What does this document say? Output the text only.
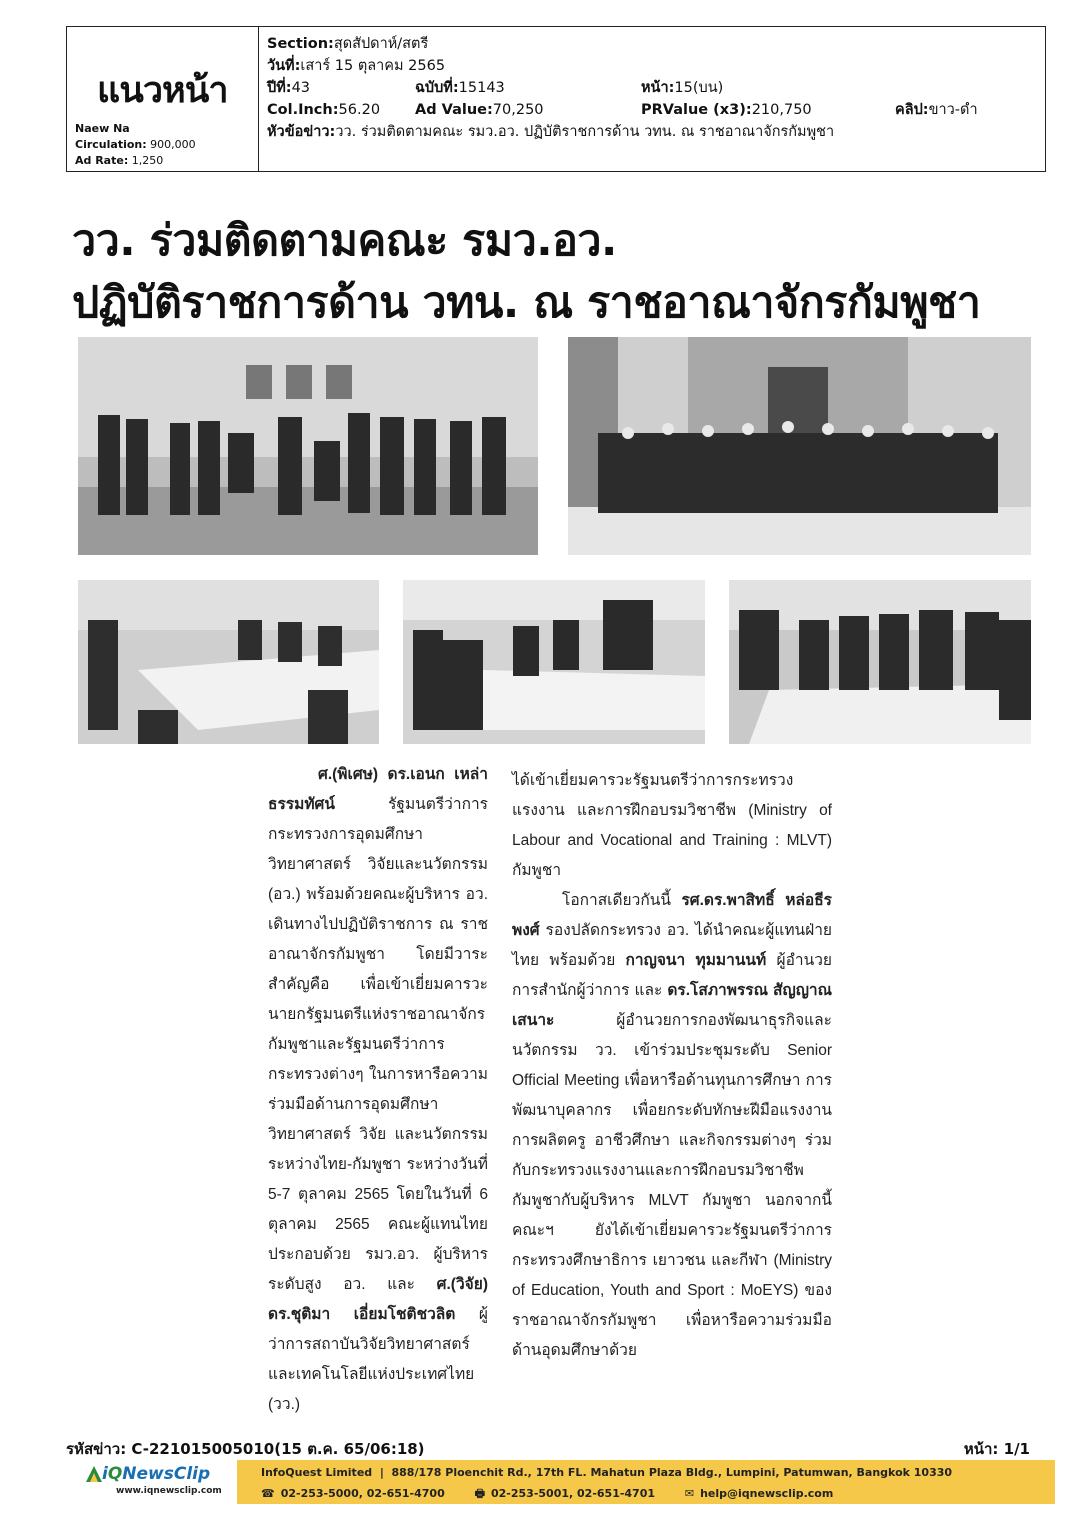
แนวหน้า
Naew Na
Circulation: 900,000
Ad Rate: 1,250
Section: สุดสัปดาห์/สตรี
วันที่: เสาร์ 15 ตุลาคม 2565
ปีที่: 43	ฉบับที่: 15143	หน้า: 15(บน)
Col.Inch: 56.20 Ad Value: 70,250	PRValue (x3): 210,750	คลิป: ขาว-ดำ
หัวข้อข่าว: วว. ร่วมติดตามคณะ รมว.อว. ปฏิบัติราชการด้าน วทน. ณ ราชอาณาจักรกัมพูชา
วว. ร่วมติดตามคณะ รมว.อว.
ปฏิบัติราชการด้าน วทน. ณ ราชอาณาจักรกัมพูชา

ศ.(พิเศษ) ดร.เอนก เหล่าธรรมทัศน์ รัฐมนตรีว่าการ กระทรวงการอุดมศึกษา วิทยาศาสตร์ วิจัยและนวัตกรรม (อว.) พร้อมด้วยคณะผู้บริหาร อว. เดินทางไปปฏิบัติราชการ ณ ราชอาณาจักรกัมพูชา โดยมีวาระสำคัญคือ เพื่อเข้าเยี่ยมคารวะนายกรัฐมนตรีแห่งราชอาณาจักรกัมพูชาและรัฐมนตรีว่าการกระทรวงต่างๆ ในการหารือความร่วมมือด้านการอุดมศึกษา วิทยาศาสตร์ วิจัย และนวัตกรรม ระหว่างไทย-กัมพูชา ระหว่างวันที่ 5-7 ตุลาคม 2565 โดยในวันที่ 6 ตุลาคม 2565 คณะผู้แทนไทยประกอบด้วย รมว.อว. ผู้บริหารระดับสูง อว. และ ศ.(วิจัย) ดร.ชุติมา เอี่ยมโชติชวลิต ผู้ว่าการสถาบันวิจัยวิทยาศาสตร์และเทคโนโลยีแห่งประเทศไทย (วว.)

ได้เข้าเยี่ยมคารวะรัฐมนตรีว่าการกระทรวงแรงงาน และการฝึกอบรมวิชาชีพ (Ministry of Labour and Vocational and Training : MLVT) กัมพูชา

โอกาสเดียวกันนี้ รศ.ดร.พาสิทธิ์ หล่อธีรพงศ์ รองปลัดกระทรวง อว. ได้นำคณะผู้แทนฝ่ายไทย พร้อมด้วย กาญจนา ทุมมานนท์ ผู้อำนวยการสำนักผู้ว่าการ และ ดร.โสภาพรรณ สัญญาณเสนาะ ผู้อำนวยการกองพัฒนาธุรกิจและนวัตกรรม วว. เข้าร่วมประชุมระดับ Senior Official Meeting เพื่อหารือด้านทุนการศึกษา การพัฒนาบุคลากร เพื่อยกระดับทักษะฝีมือแรงงาน การผลิตครู อาชีวศึกษา และกิจกรรมต่างๆ ร่วมกับกระทรวงแรงงานและการฝึกอบรมวิชาชีพกัมพูชากับผู้บริหาร MLVT กัมพูชา นอกจากนี้คณะฯ ยังได้เข้าเยี่ยมคารวะรัฐมนตรีว่าการกระทรวงศึกษาธิการ เยาวชน และกีฬา (Ministry of Education, Youth and Sport : MoEYS) ของราชอาณาจักรกัมพูชา เพื่อหารือความร่วมมือด้านอุดมศึกษาด้วย

รหัสข่าว: C-221015005010(15 ต.ค. 65/06:18)	หน้า: 1/1
iQNewsClip
www.iqnewsclip.com
InfoQuest Limited  |  888/178 Ploenchit Rd., 17th FL. Mahatun Plaza Bldg., Lumpini, Patumwan, Bangkok 10330
☎ 02-253-5000, 02-651-4700	🖶 02-253-5001, 02-651-4701	✉ help@iqnewsclip.com
